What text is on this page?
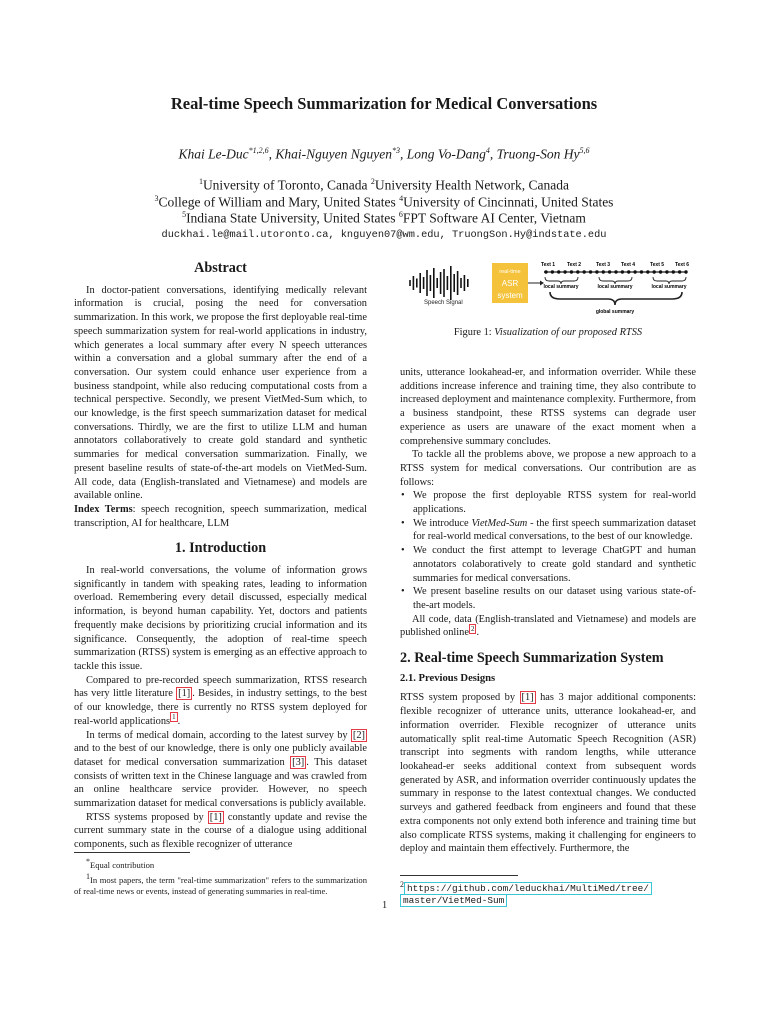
Real-time Speech Summarization for Medical Conversations
Khai Le-Duc$^{*1,2,6}$, Khai-Nguyen Nguyen$^{*3}$, Long Vo-Dang$^4$, Truong-Son Hy$^{5,6}$
$^1$University of Toronto, Canada $^2$University Health Network, Canada
$^3$College of William and Mary, United States $^4$University of Cincinnati, United States
$^5$Indiana State University, United States $^6$FPT Software AI Center, Vietnam
duckhai.le@mail.utoronto.ca, knguyen07@wm.edu, TruongSon.Hy@indstate.edu
Abstract

In doctor-patient conversations, identifying medically relevant information is crucial, posing the need for conversation summarization. In this work, we propose the first deployable real-time speech summarization system for real-world applications in industry, which generates a local summary after every N speech utterances within a conversation and a global summary after the end of a conversation. Our system could enhance user experience from a business standpoint, while also reducing computational costs from a technical perspective. Secondly, we present VietMed-Sum which, to our knowledge, is the first speech summarization dataset for medical conversations. Thirdly, we are the first to utilize LLM and human annotators collaboratively to create gold standard and synthetic summaries for medical conversation summarization. Finally, we present baseline results of state-of-the-art models on VietMed-Sum. All code, data (English-translated and Vietnamese) and models are available online.

Index Terms: speech recognition, speech summarization, medical transcription, AI for healthcare, LLM

1. Introduction

In real-world conversations, the volume of information grows significantly in tandem with speaking rates, leading to information overload. Remembering every detail discussed, especially medical information, is beyond human capability. Yet, doctors and patients frequently make decisions by prioritizing crucial information and its significance. Consequently, the adoption of real-time speech summarization (RTSS) system is emerging as an effective approach to tackle this issue.

Compared to pre-recorded speech summarization, RTSS research has very little literature [1] . Besides, in industry settings, to the best of our knowledge, there is currently no RTSS system deployed for real-world applications $^1$ .

In terms of medical domain, according to the latest survey by [2] and to the best of our knowledge, there is only one publicly available dataset for medical conversation summarization [3] . This dataset consists of written text in the Chinese language and was crawled from an online healthcare service provider. However, no speech summarization dataset for medical conversations is publicly available.

RTSS systems proposed by [1] constantly update and revise the current summary state in the course of a dialogue using additional components, such as flexible recognizer of utterance

*Equal contribution
$^1$In most papers, the term "real-time summarization" refers to the summarization of real-time news or events, instead of generating summaries in real-time.
Speech Signal
real-time
ASR
system
Text 1 Text 2	Text 3 Text 4	Text 5 Text 6
local summary	local summary	local summary
global summary
Figure 1: Visualization of our proposed RTSS

units, utterance lookahead-er, and information overrider. While these additions increase inference and training time, they also contribute to increased deployment and maintenance complexity. Furthermore, from a business standpoint, these RTSS systems can degrade user experience as users are unaware of the exact moment when a comprehensive summary concludes.

To tackle all the problems above, we propose a new approach to a RTSS system for medical conversations. Our contribution are as follows:

• We propose the first deployable RTSS system for real-world applications.
• We introduce VietMed-Sum - the first speech summarization dataset for real-world medical conversations, to the best of our knowledge.
• We conduct the first attempt to leverage ChatGPT and human annotators colaboratively to create gold standard and synthetic summaries for medical conversations.
• We present baseline results on our dataset using various state-of-the-art models.

All code, data (English-translated and Vietnamese) and models are published online $^2$ .

2. Real-time Speech Summarization System
2.1. Previous Designs

RTSS system proposed by [1] has 3 major additional components: flexible recognizer of utterance units, utterance lookahead-er, and information overrider. Flexible recognizer of utterance units automatically split real-time Automatic Speech Recognition (ASR) transcript into segments with random lengths, while utterance lookahead-er seeks additional context from subsequent words generated by ASR, and information overrider continuously updates the summary in response to the latest contextual changes. We conducted surveys and gathered feedback from engineers and found that these extra components not only extend both inference and training time but also complicate RTSS systems, making it challenging for engineers to deploy and maintain them effectively. Furthermore, the

$^2$ https://github.com/leduckhai/MultiMed/tree/
master/VietMed-Sum
1
